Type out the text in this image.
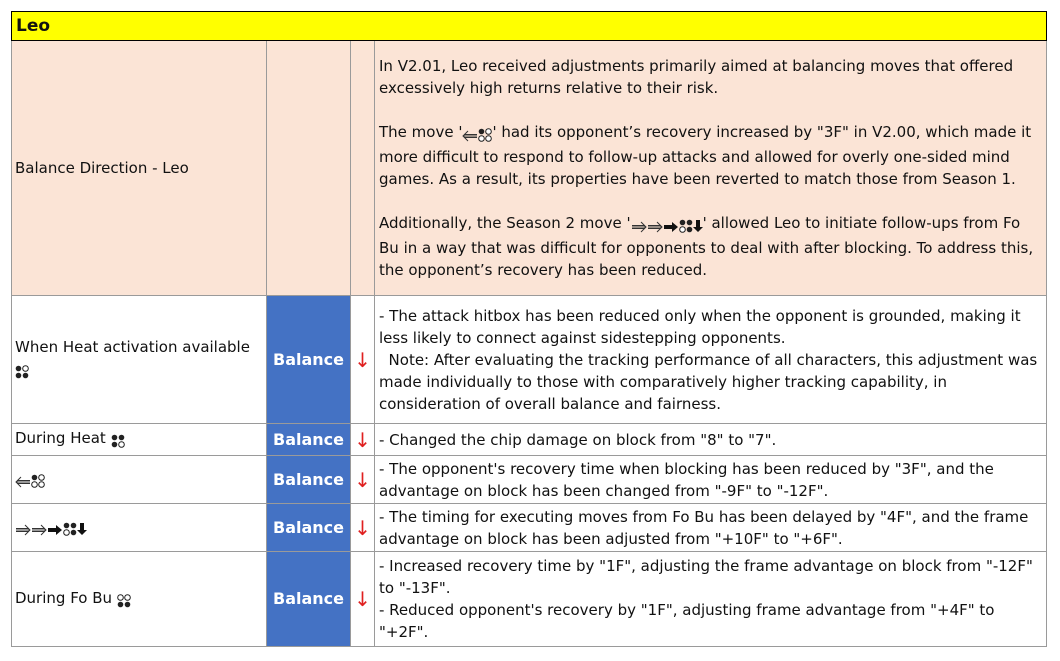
Leo			
Balance Direction - Leo			In V2.01, Leo received adjustments primarily aimed at balancing moves that offered excessively high returns relative to their risk.
The move ' ' had its opponent’s recovery increased by "3F" in V2.00, which made it more difficult to respond to follow-up attacks and allowed for overly one-sided mind games. As a result, its properties have been reverted to match those from Season 1.
Additionally, the Season 2 move ' ' allowed Leo to initiate follow-ups from Fo Bu in a way that was difficult for opponents to deal with after blocking. To address this, the opponent’s recovery has been reduced.

When Heat activation available	Balance	↓	- The attack hitbox has been reduced only when the opponent is grounded, making it less likely to connect against sidestepping opponents.
Note: After evaluating the tracking performance of all characters, this adjustment was made individually to those with comparatively higher tracking capability, in consideration of overall balance and fairness.

During Heat	Balance	↓	- Changed the chip damage on block from "8" to "7".
	Balance	↓	- The opponent's recovery time when blocking has been reduced by "3F", and the advantage on block has been changed from "-9F" to "-12F".
	Balance	↓	- The timing for executing moves from Fo Bu has been delayed by "4F", and the frame advantage on block has been adjusted from "+10F" to "+6F".
During Fo Bu	Balance	↓	- Increased recovery time by "1F", adjusting the frame advantage on block from "-12F" to "-13F".
- Reduced opponent's recovery by "1F", adjusting frame advantage from "+4F" to "+2F".
